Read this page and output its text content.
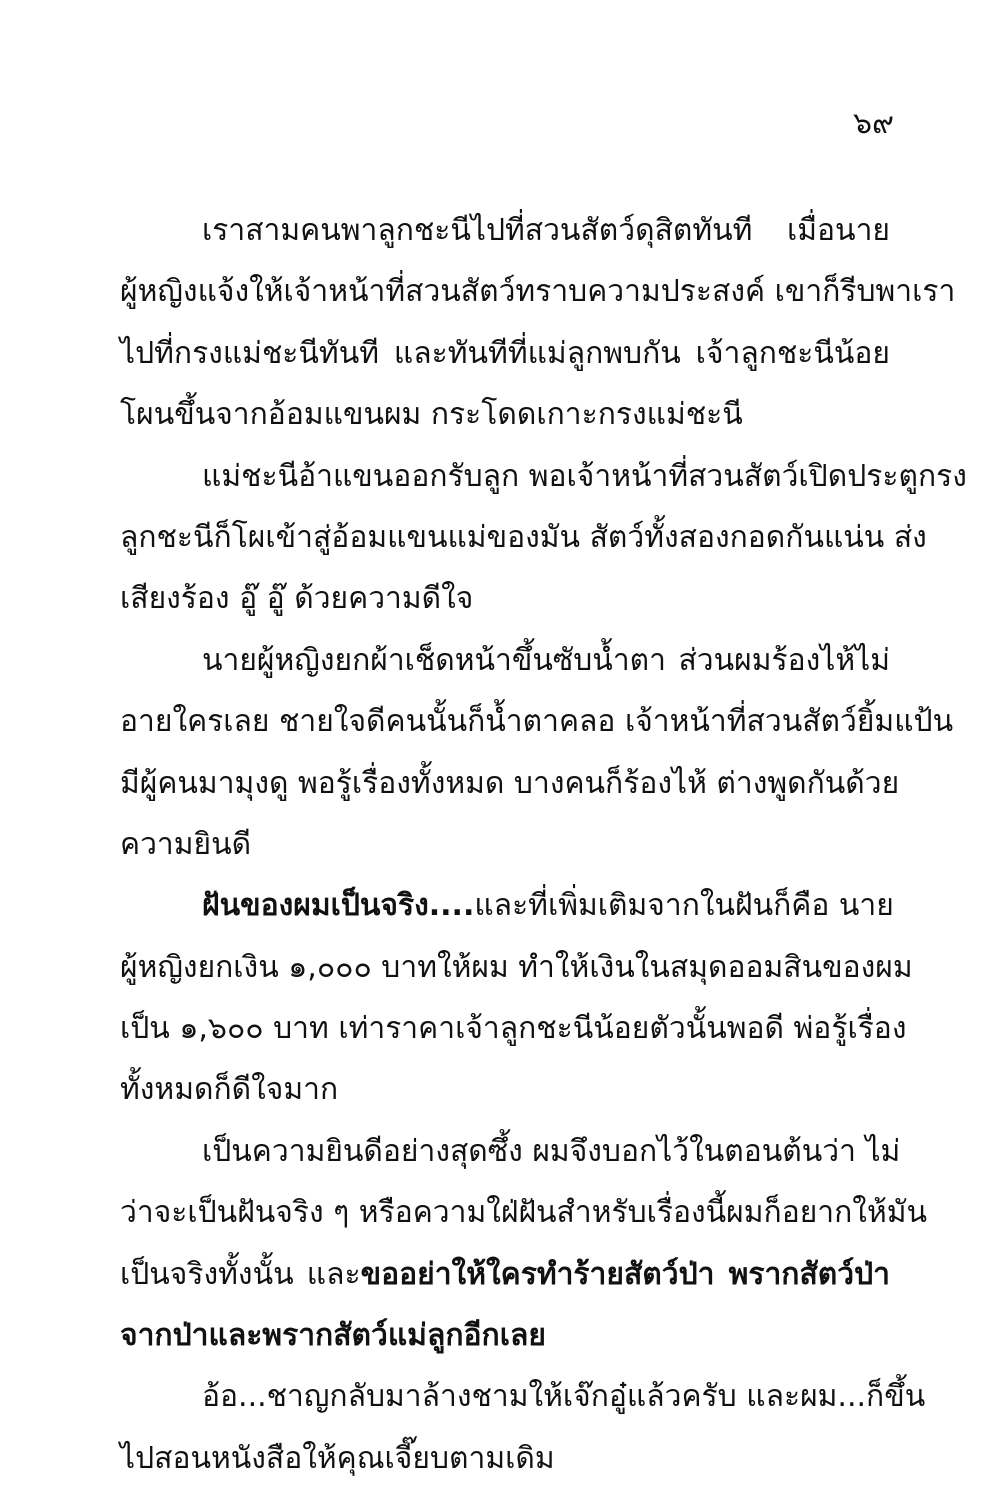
๖๙
เราสามคนพาลูกชะนีไปที่สวนสัตว์ดุสิตทันที เมื่อนาย
ผู้หญิงแจ้งให้เจ้าหน้าที่สวนสัตว์ทราบความประสงค์ เขาก็รีบพาเรา
ไปที่กรงแม่ชะนีทันที และทันทีที่แม่ลูกพบกัน เจ้าลูกชะนีน้อย
โผนขึ้นจากอ้อมแขนผม กระโดดเกาะกรงแม่ชะนี
แม่ชะนีอ้าแขนออกรับลูก พอเจ้าหน้าที่สวนสัตว์เปิดประตูกรง
ลูกชะนีก็โผเข้าสู่อ้อมแขนแม่ของมัน สัตว์ทั้งสองกอดกันแน่น ส่ง
เสียงร้อง อู๊ อู๊ ด้วยความดีใจ
นายผู้หญิงยกผ้าเช็ดหน้าขึ้นซับน้ำตา ส่วนผมร้องไห้ไม่
อายใครเลย ชายใจดีคนนั้นก็น้ำตาคลอ เจ้าหน้าที่สวนสัตว์ยิ้มแป้น
มีผู้คนมามุงดู พอรู้เรื่องทั้งหมด บางคนก็ร้องไห้ ต่างพูดกันด้วย
ความยินดี
ฝันของผมเป็นจริง....และที่เพิ่มเติมจากในฝันก็คือ นาย
ผู้หญิงยกเงิน ๑,๐๐๐ บาทให้ผม ทำให้เงินในสมุดออมสินของผม
เป็น ๑,๖๐๐ บาท เท่าราคาเจ้าลูกชะนีน้อยตัวนั้นพอดี พ่อรู้เรื่อง
ทั้งหมดก็ดีใจมาก
เป็นความยินดีอย่างสุดซึ้ง ผมจึงบอกไว้ในตอนต้นว่า ไม่
ว่าจะเป็นฝันจริง ๆ หรือความใฝ่ฝันสำหรับเรื่องนี้ผมก็อยากให้มัน
เป็นจริงทั้งนั้น และขออย่าให้ใครทำร้ายสัตว์ป่า พรากสัตว์ป่า
จากป่าและพรากสัตว์แม่ลูกอีกเลย
อ้อ...ชาญกลับมาล้างชามให้เจ๊กอู๋แล้วครับ และผม...ก็ขึ้น
ไปสอนหนังสือให้คุณเจี๊ยบตามเดิม
